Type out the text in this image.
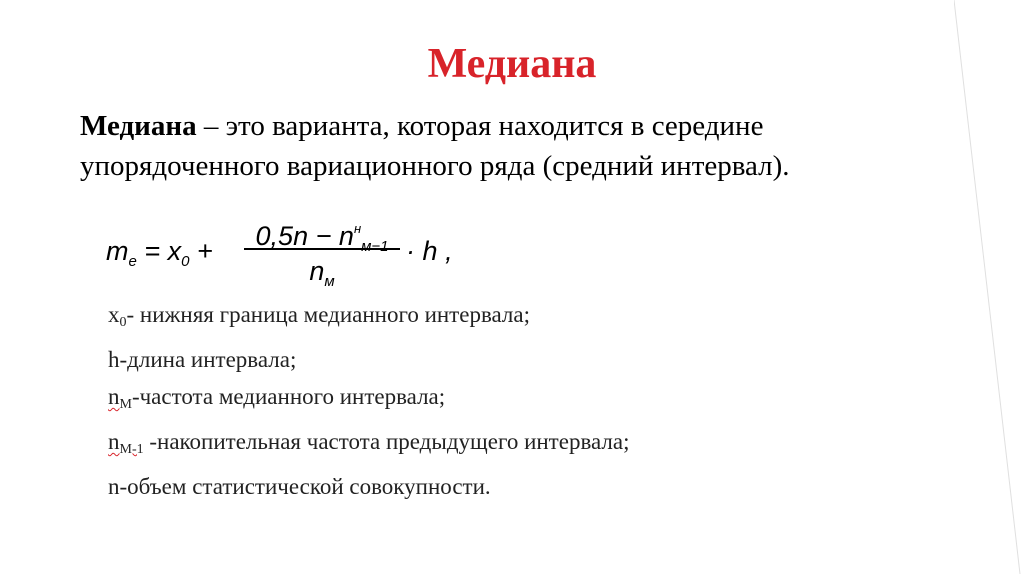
Медиана
Медиана – это варианта, которая находится в середине упорядоченного вариационного ряда (средний интервал).
$m_e = x_0$ +	$0,5n - n^н_{м-1}$
$n_м$
· h ,
x0- нижняя граница медианного интервала;
h-длина интервала;
nM-частота медианного интервала;
nM-1 -накопительная частота предыдущего интервала;
n-объем статистической совокупности.
